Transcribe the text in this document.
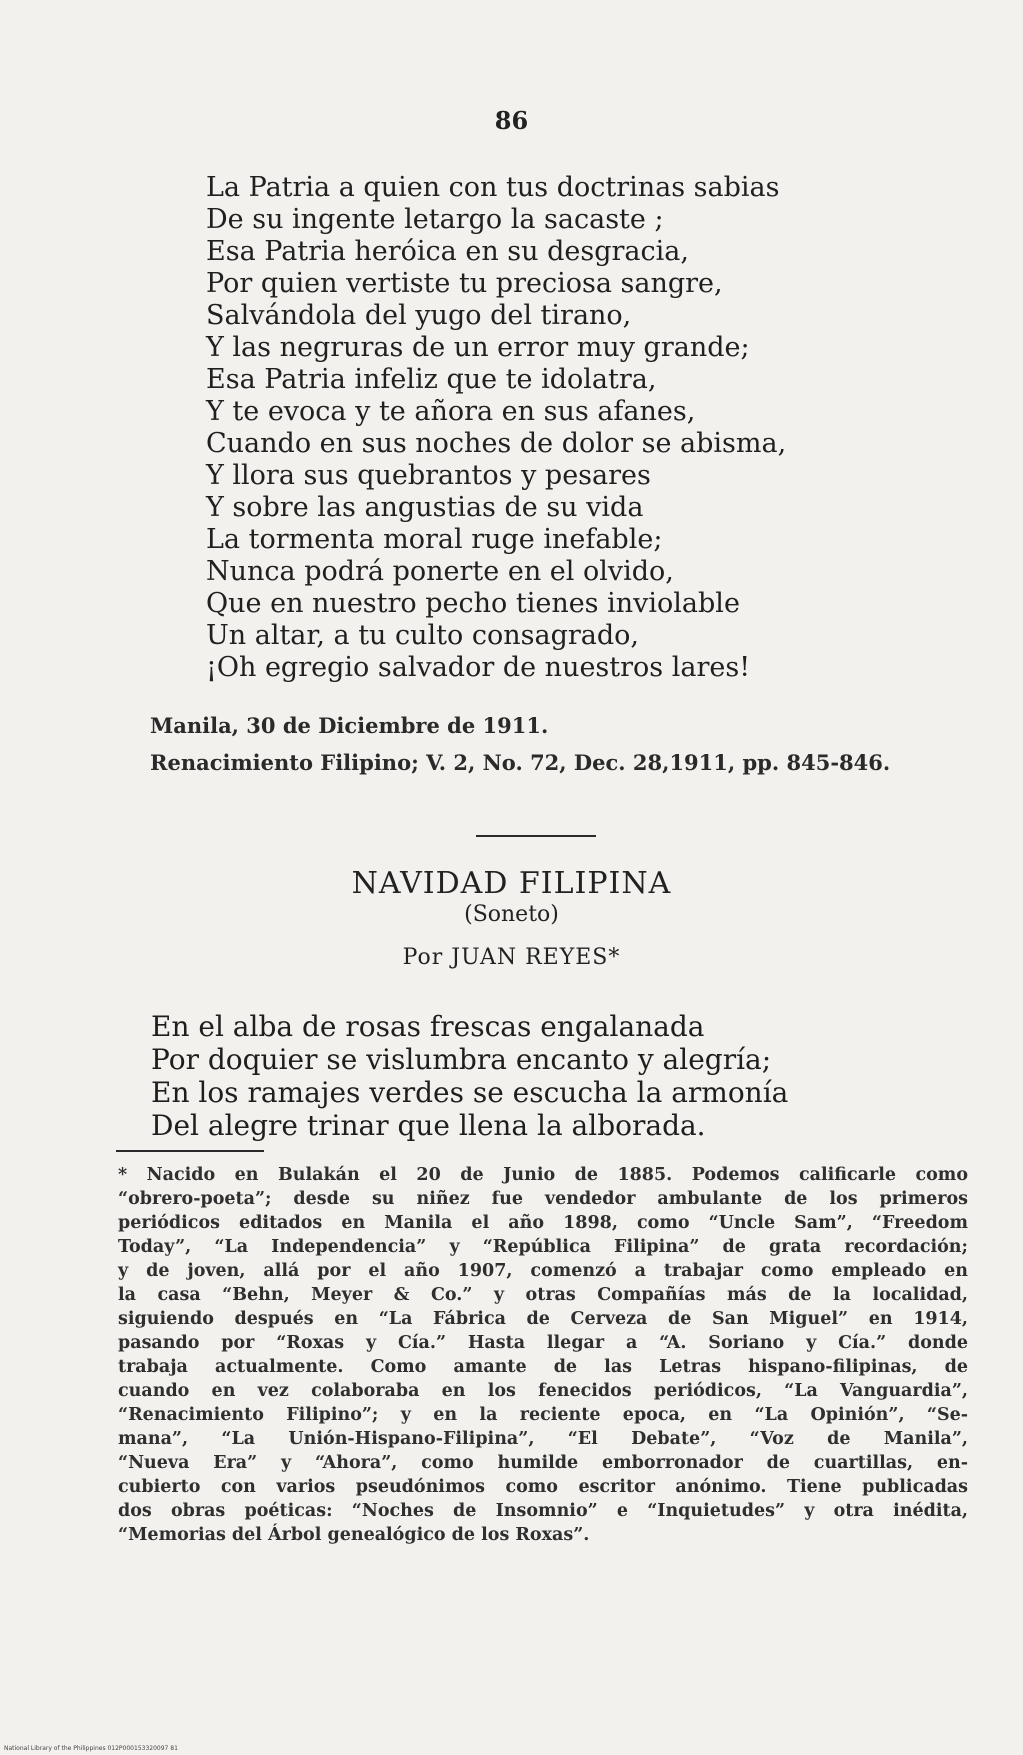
86
La Patria a quien con tus doctrinas sabias
De su ingente letargo la sacaste ;
Esa Patria heróica en su desgracia,
Por quien vertiste tu preciosa sangre,
Salvándola del yugo del tirano,
Y las negruras de un error muy grande;
Esa Patria infeliz que te idolatra,
Y te evoca y te añora en sus afanes,
Cuando en sus noches de dolor se abisma,
Y llora sus quebrantos y pesares
Y sobre las angustias de su vida
La tormenta moral ruge inefable;
Nunca podrá ponerte en el olvido,
Que en nuestro pecho tienes inviolable
Un altar, a tu culto consagrado,
¡Oh egregio salvador de nuestros lares!
Manila, 30 de Diciembre de 1911.
Renacimiento Filipino; V. 2, No. 72, Dec. 28,1911, pp. 845-846.
NAVIDAD FILIPINA
(Soneto)
Por JUAN REYES*
En el alba de rosas frescas engalanada
Por doquier se vislumbra encanto y alegría;
En los ramajes verdes se escucha la armonía
Del alegre trinar que llena la alborada.
* Nacido en Bulakán el 20 de Junio de 1885. Podemos calificarle como
“obrero-poeta”; desde su niñez fue vendedor ambulante de los primeros
periódicos editados en Manila el año 1898, como “Uncle Sam”, “Freedom
Today”, “La Independencia” y “República Filipina” de grata recordación;
y de joven, allá por el año 1907, comenzó a trabajar como empleado en
la casa “Behn, Meyer & Co.” y otras Compañías más de la localidad,
siguiendo después en “La Fábrica de Cerveza de San Miguel” en 1914,
pasando por “Roxas y Cía.” Hasta llegar a “A. Soriano y Cía.” donde
trabaja actualmente. Como amante de las Letras hispano-filipinas, de
cuando en vez colaboraba en los fenecidos periódicos, “La Vanguardia”,
“Renacimiento Filipino”; y en la reciente epoca, en “La Opinión”, “Se-
mana”, “La Unión-Hispano-Filipina”, “El Debate”, “Voz de Manila”,
“Nueva Era” y “Ahora”, como humilde emborronador de cuartillas, en-
cubierto con varios pseudónimos como escritor anónimo. Tiene publicadas
dos obras poéticas: “Noches de Insomnio” e “Inquietudes” y otra inédita,
“Memorias del Árbol genealógico de los Roxas”.
National Library of the Philippines 012P000153320097 81
